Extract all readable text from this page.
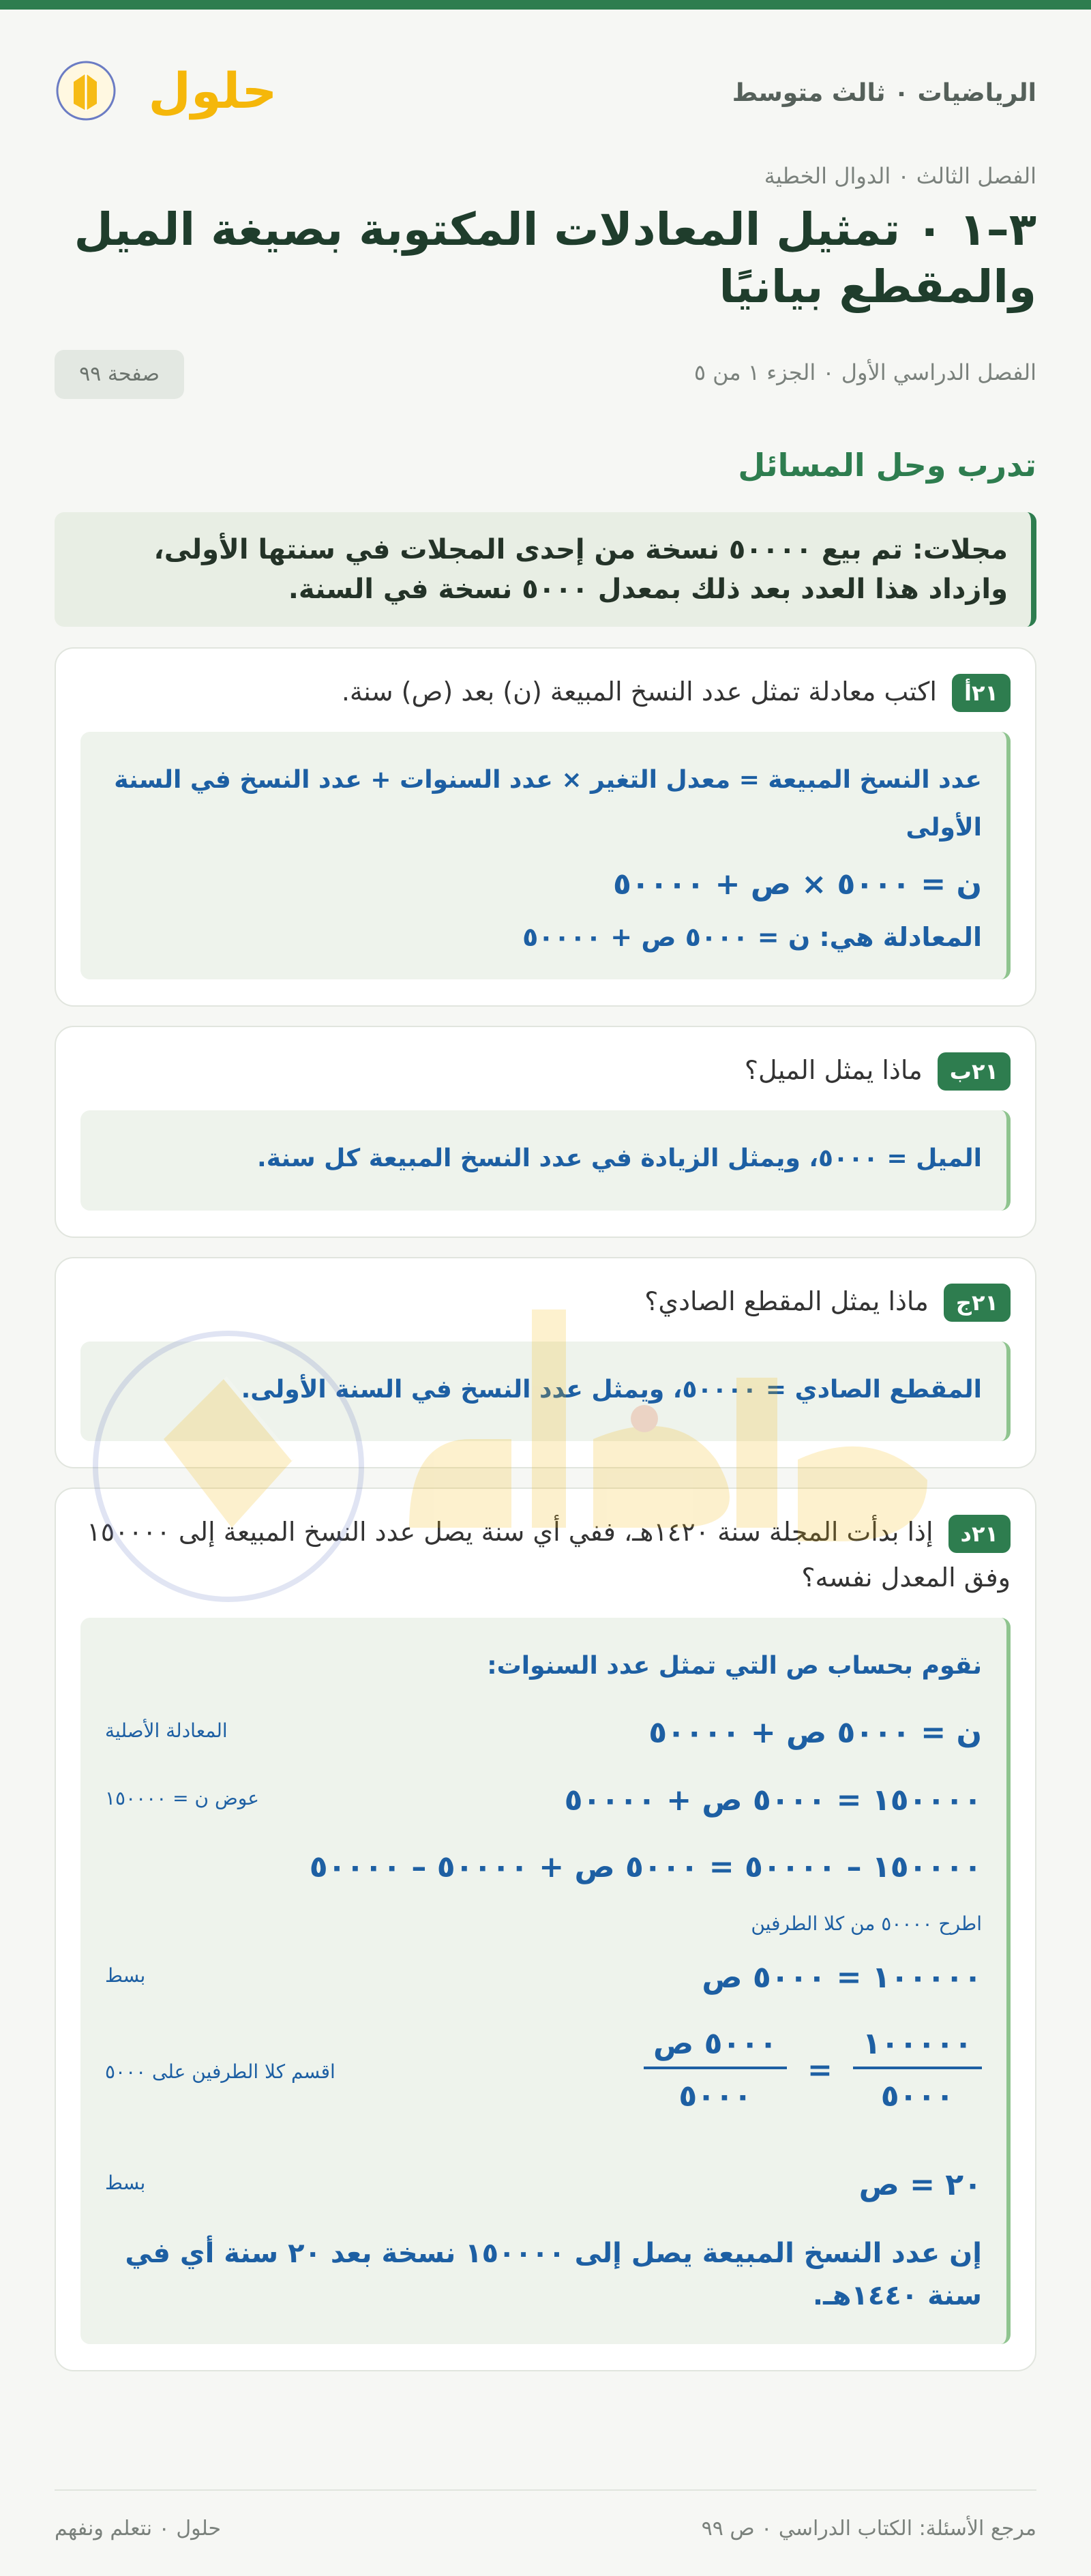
الرياضيات ٠ ثالث متوسط
حلول
الفصل الثالث ٠ الدوال الخطية
٣–١ ٠ تمثيل المعادلات المكتوبة بصيغة الميل والمقطع بيانيًا
الفصل الدراسي الأول ٠ الجزء ١ من ٥
صفحة ٩٩
تدرب وحل المسائل
مجلات: تم بيع ٥٠٠٠٠ نسخة من إحدى المجلات في سنتها الأولى، وازداد هذا العدد بعد ذلك بمعدل ٥٠٠٠ نسخة في السنة.
٢١أاكتب معادلة تمثل عدد النسخ المبيعة (ن) بعد (ص) سنة.
عدد النسخ المبيعة = معدل التغير × عدد السنوات + عدد النسخ في السنة الأولى
ن = ٥٠٠٠ × ص + ٥٠٠٠٠
المعادلة هي: ن = ٥٠٠٠ ص + ٥٠٠٠٠
٢١بماذا يمثل الميل؟
الميل = ٥٠٠٠، ويمثل الزيادة في عدد النسخ المبيعة كل سنة.
٢١جماذا يمثل المقطع الصادي؟
المقطع الصادي = ٥٠٠٠٠، ويمثل عدد النسخ في السنة الأولى.
٢١دإذا بدأت المجلة سنة ١٤٢٠هـ، ففي أي سنة يصل عدد النسخ المبيعة إلى ١٥٠٠٠٠ وفق المعدل نفسه؟
نقوم بحساب ص التي تمثل عدد السنوات:
ن = ٥٠٠٠ ص + ٥٠٠٠٠
المعادلة الأصلية
١٥٠٠٠٠ = ٥٠٠٠ ص + ٥٠٠٠٠
عوض ن = ١٥٠٠٠٠
١٥٠٠٠٠ – ٥٠٠٠٠ = ٥٠٠٠ ص + ٥٠٠٠٠ – ٥٠٠٠٠
اطرح ٥٠٠٠٠ من كلا الطرفين
١٠٠٠٠٠ = ٥٠٠٠ ص
بسط
$\frac{١٠٠٠٠٠}{٥٠٠٠}$
=
$\frac{\text{٥٠٠٠ ص}}{٥٠٠٠}$
اقسم كلا الطرفين على ٥٠٠٠
٢٠ = ص
بسط
إن عدد النسخ المبيعة يصل إلى ١٥٠٠٠٠ نسخة بعد ٢٠ سنة أي في سنة ١٤٤٠هـ.
مرجع الأسئلة: الكتاب الدراسي ٠ ص ٩٩
حلول ٠ نتعلم ونفهم
